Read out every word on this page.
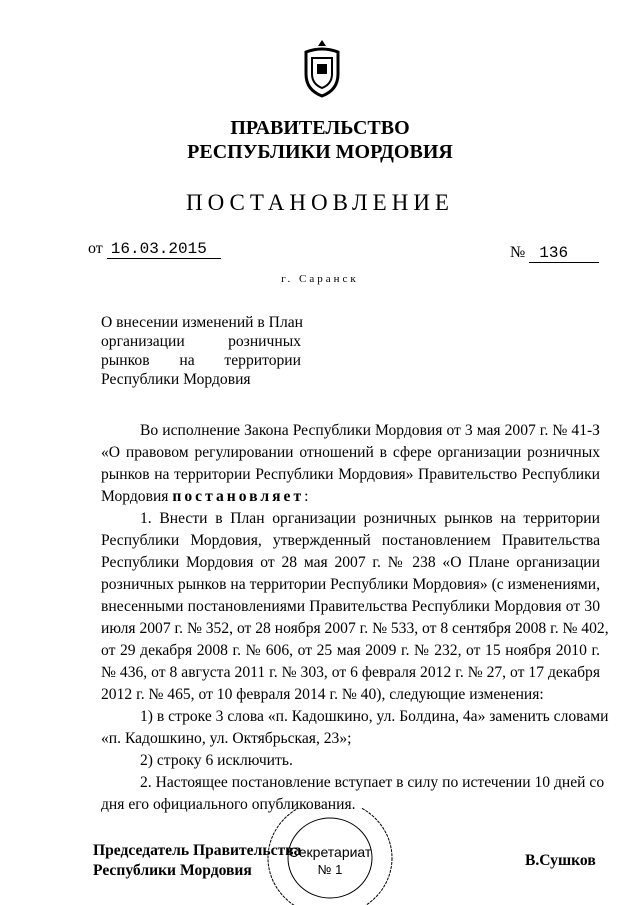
ПРАВИТЕЛЬСТВО
РЕСПУБЛИКИ МОРДОВИЯ
ПОСТАНОВЛЕНИЕ
от 16.03.2015	№ 136
г. Саранск
О внесении изменений в План
организации розничных
рынков на территории
Республики Мордовия
Во исполнение Закона Республики Мордовия от 3 мая 2007 г. № 41-З
«О правовом регулировании отношений в сфере организации розничных
рынков на территории Республики Мордовия» Правительство Республики
Мордовия постановляет:
1. Внести в План организации розничных рынков на территории
Республики Мордовия, утвержденный постановлением Правительства
Республики Мордовия от 28 мая 2007 г. № 238 «О Плане организации
розничных рынков на территории Республики Мордовия» (с изменениями,
внесенными постановлениями Правительства Республики Мордовия от 30
июля 2007 г. № 352, от 28 ноября 2007 г. № 533, от 8 сентября 2008 г. № 402,
от 29 декабря 2008 г. № 606, от 25 мая 2009 г. № 232, от 15 ноября 2010 г.
№ 436, от 8 августа 2011 г. № 303, от 6 февраля 2012 г. № 27, от 17 декабря
2012 г. № 465, от 10 февраля 2014 г. № 40), следующие изменения:
1) в строке 3 слова «п. Кадошкино, ул. Болдина, 4а» заменить словами
«п. Кадошкино, ул. Октябрьская, 23»;
2) строку 6 исключить.
2. Настоящее постановление вступает в силу по истечении 10 дней со
дня его официального опубликования.
Председатель Правительства
Республики Мордовия
В.Сушков
Секретариат
№ 1
